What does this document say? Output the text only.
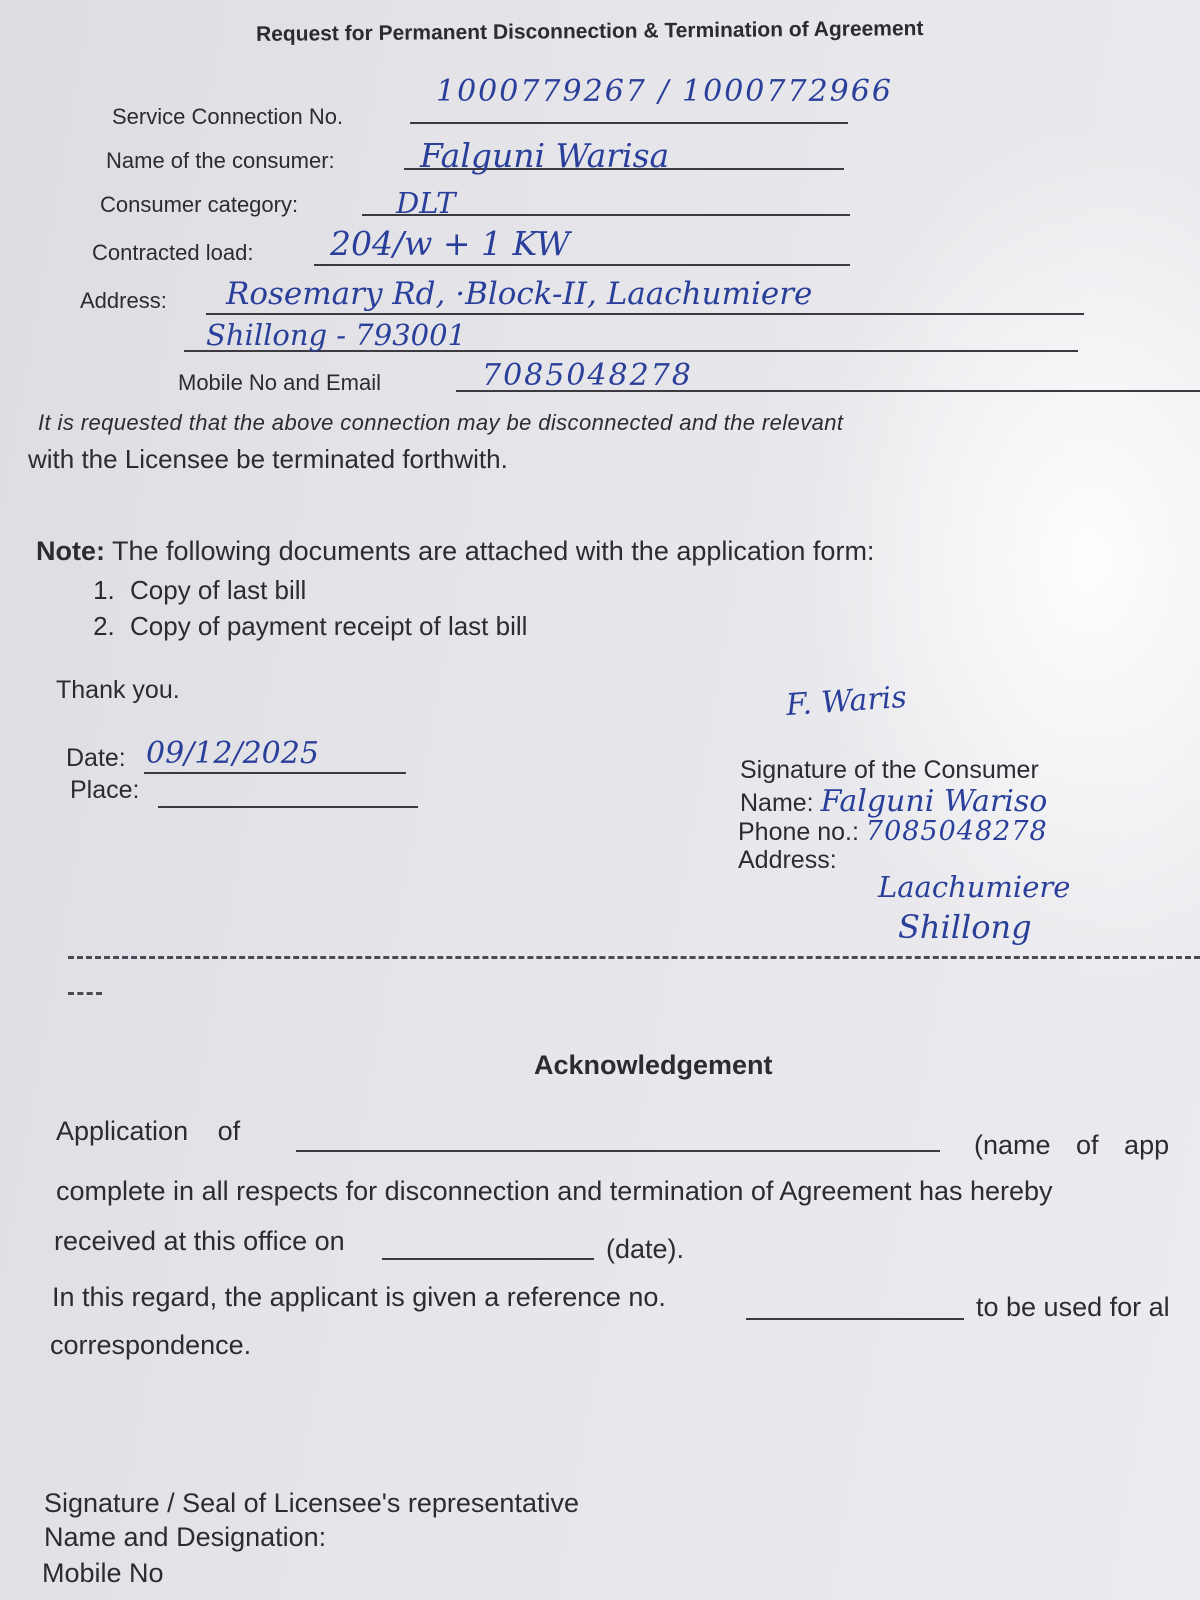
Request for Permanent Disconnection & Termination of Agreement
Service Connection No.
1000779267 / 1000772966
Name of the consumer:	Falguni Warisa
Consumer category:	DLT
Contracted load: 204/w + 1 KW
Address: Rosemary Rd, ·Block-II, Laachumiere
Shillong - 793001
Mobile No and Email	7085048278
It is requested that the above connection may be disconnected and the relevant
with the Licensee be terminated forthwith.
Note: The following documents are attached with the application form:
1. Copy of last bill
2. Copy of payment receipt of last bill
Thank you.
Date: 09/12/2025
Place:
F. Waris
Signature of the Consumer
Name: Falguni Wariso
Phone no.: 7085048278
Address:
Laachumiere
Shillong
Acknowledgement
Application of	(name of app
complete in all respects for disconnection and termination of Agreement has hereby
received at this office on	(date).
In this regard, the applicant is given a reference no.	to be used for al
correspondence.
Signature / Seal of Licensee's representative
Name and Designation:
Mobile No
